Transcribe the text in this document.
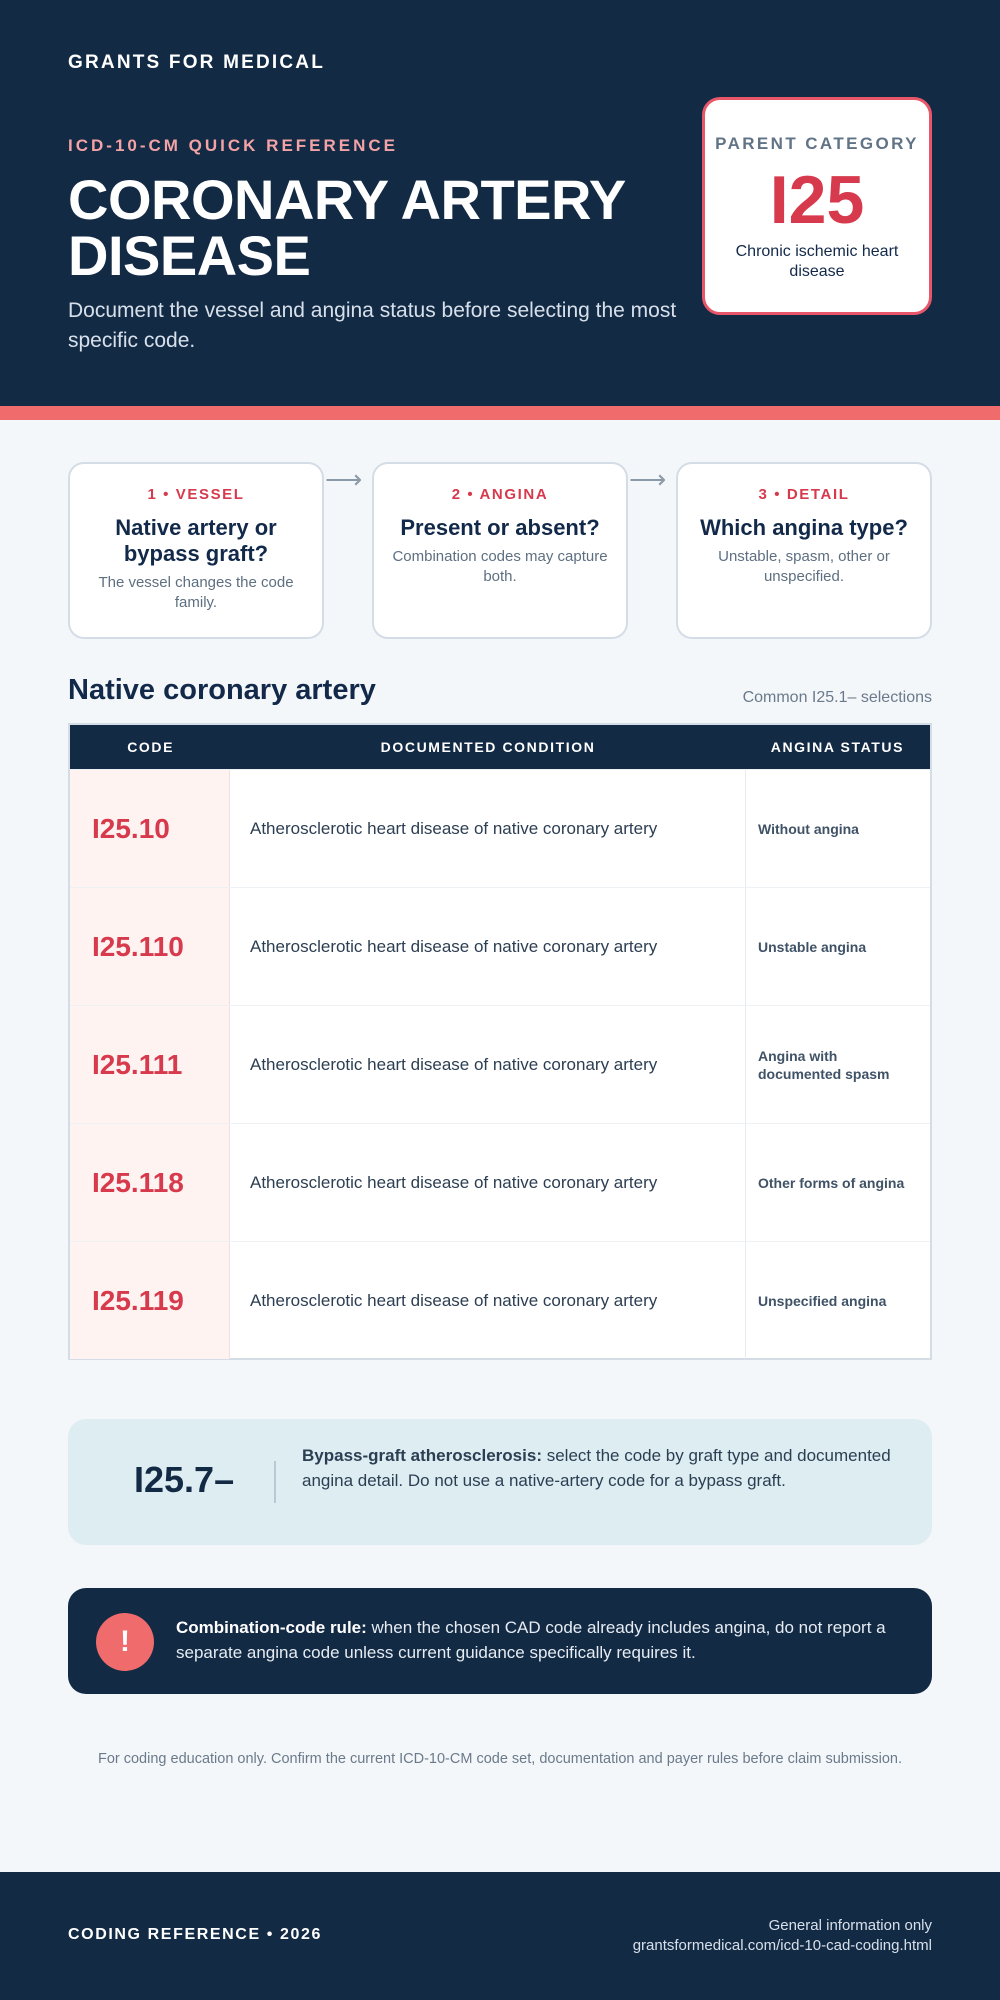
GRANTS FOR MEDICAL
ICD-10-CM QUICK REFERENCE
CORONARY ARTERY DISEASE
Document the vessel and angina status before selecting the most specific code.
PARENT CATEGORY
I25
Chronic ischemic heart disease
1 • VESSEL
Native artery or bypass graft?
The vessel changes the code family.
⟶
2 • ANGINA
Present or absent?
Combination codes may capture both.
⟶
3 • DETAIL
Which angina type?
Unstable, spasm, other or unspecified.
Native coronary artery	Common I25.1– selections
CODE	DOCUMENTED CONDITION	ANGINA STATUS
I25.10	Atherosclerotic heart disease of native coronary artery	Without angina
I25.110	Atherosclerotic heart disease of native coronary artery	Unstable angina
I25.111	Atherosclerotic heart disease of native coronary artery	Angina with documented spasm
I25.118	Atherosclerotic heart disease of native coronary artery	Other forms of angina
I25.119	Atherosclerotic heart disease of native coronary artery	Unspecified angina
I25.7–
Bypass-graft atherosclerosis: select the code by graft type and documented angina detail. Do not use a native-artery code for a bypass graft.
!	Combination-code rule: when the chosen CAD code already includes angina, do not report a separate angina code unless current guidance specifically requires it.
For coding education only. Confirm the current ICD-10-CM code set, documentation and payer rules before claim submission.
CODING REFERENCE • 2026
General information only
grantsformedical.com/icd-10-cad-coding.html
